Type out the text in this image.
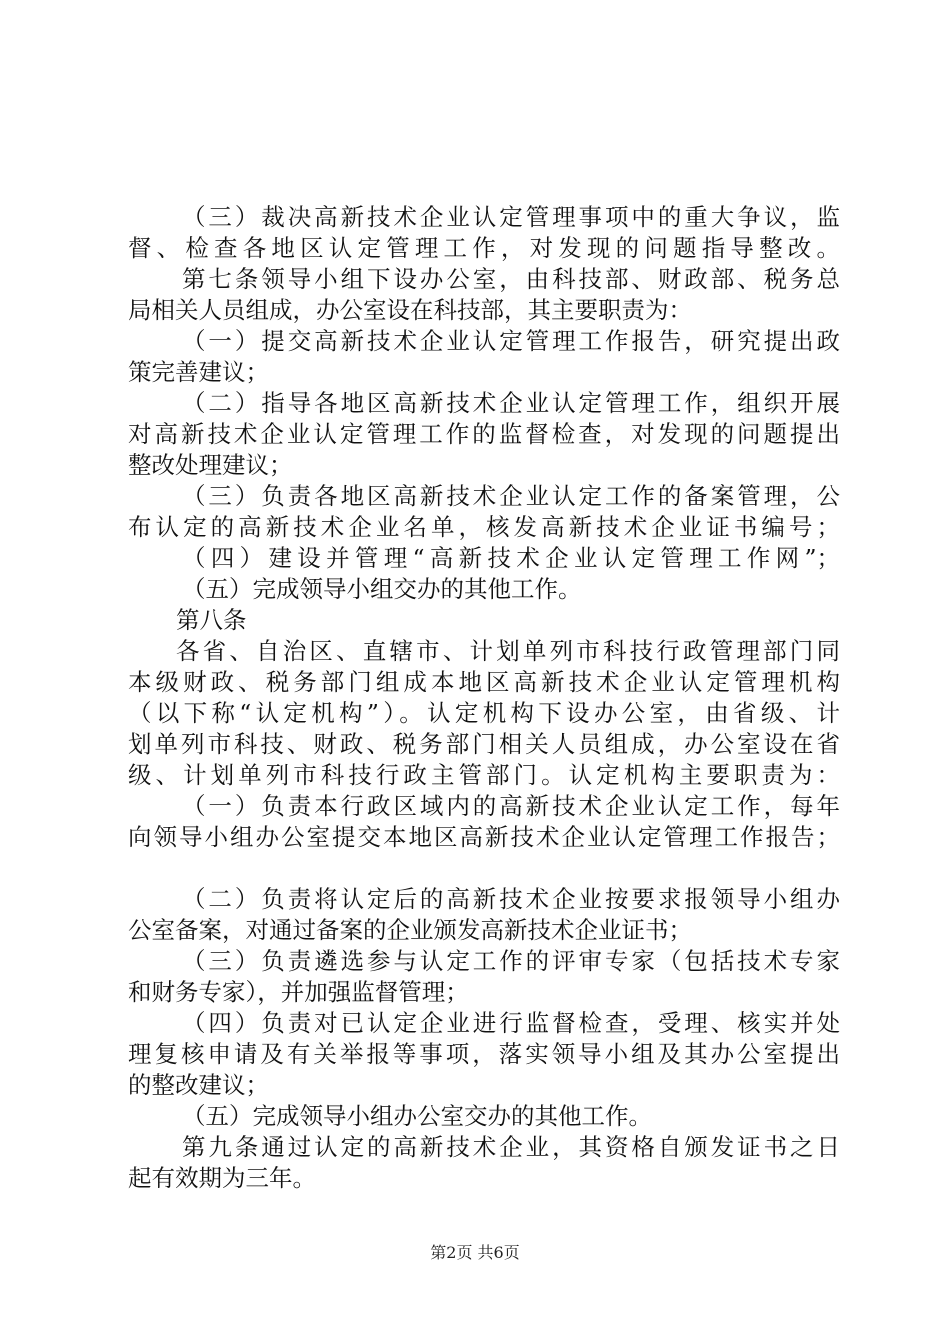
（三）裁决高新技术企业认定管理事项中的重大争议，监
督、检查各地区认定管理工作，对发现的问题指导整改。
第七条领导小组下设办公室，由科技部、财政部、税务总
局相关人员组成，办公室设在科技部，其主要职责为：
（一）提交高新技术企业认定管理工作报告，研究提出政
策完善建议；
（二）指导各地区高新技术企业认定管理工作，组织开展
对高新技术企业认定管理工作的监督检查，对发现的问题提出
整改处理建议；
（三）负责各地区高新技术企业认定工作的备案管理，公
布认定的高新技术企业名单，核发高新技术企业证书编号；
（四）建设并管理“高新技术企业认定管理工作网”；
（五）完成领导小组交办的其他工作。
第八条
各省、自治区、直辖市、计划单列市科技行政管理部门同
本级财政、税务部门组成本地区高新技术企业认定管理机构
（以下称“认定机构”）。认定机构下设办公室，由省级、计
划单列市科技、财政、税务部门相关人员组成，办公室设在省
级、计划单列市科技行政主管部门。认定机构主要职责为：
（一）负责本行政区域内的高新技术企业认定工作，每年
向领导小组办公室提交本地区高新技术企业认定管理工作报告；
（二）负责将认定后的高新技术企业按要求报领导小组办
公室备案，对通过备案的企业颁发高新技术企业证书；
（三）负责遴选参与认定工作的评审专家（包括技术专家
和财务专家），并加强监督管理；
（四）负责对已认定企业进行监督检查，受理、核实并处
理复核申请及有关举报等事项，落实领导小组及其办公室提出
的整改建议；
（五）完成领导小组办公室交办的其他工作。
第九条通过认定的高新技术企业，其资格自颁发证书之日
起有效期为三年。
第2页 共6页
